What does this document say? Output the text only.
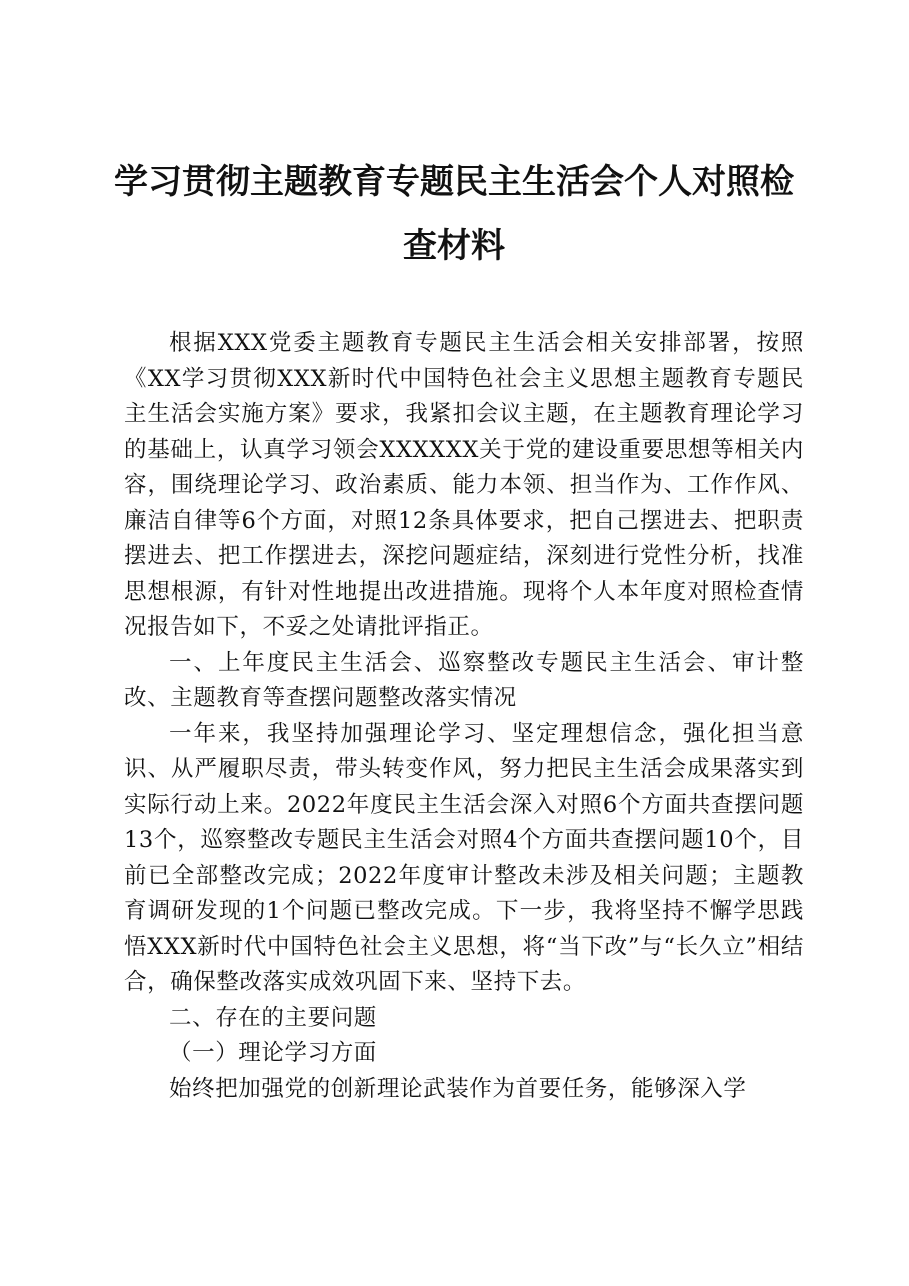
学习贯彻主题教育专题民主生活会个人对照检
查材料

根据XXX党委主题教育专题民主生活会相关安排部署，按照《XX学习贯彻XXX新时代中国特色社会主义思想主题教育专题民主生活会实施方案》要求，我紧扣会议主题，在主题教育理论学习的基础上，认真学习领会XXXXXX关于党的建设重要思想等相关内容，围绕理论学习、政治素质、能力本领、担当作为、工作作风、廉洁自律等6个方面，对照12条具体要求，把自己摆进去、把职责摆进去、把工作摆进去，深挖问题症结，深刻进行党性分析，找准思想根源，有针对性地提出改进措施。现将个人本年度对照检查情况报告如下，不妥之处请批评指正。

一、上年度民主生活会、巡察整改专题民主生活会、审计整改、主题教育等查摆问题整改落实情况

一年来，我坚持加强理论学习、坚定理想信念，强化担当意识、从严履职尽责，带头转变作风，努力把民主生活会成果落实到实际行动上来。2022年度民主生活会深入对照6个方面共查摆问题13个，巡察整改专题民主生活会对照4个方面共查摆问题10个，目前已全部整改完成；2022年度审计整改未涉及相关问题；主题教育调研发现的1个问题已整改完成。下一步，我将坚持不懈学思践悟XXX新时代中国特色社会主义思想，将“当下改”与“长久立”相结合，确保整改落实成效巩固下来、坚持下去。

二、存在的主要问题

（一）理论学习方面

始终把加强党的创新理论武装作为首要任务，能够深入学
